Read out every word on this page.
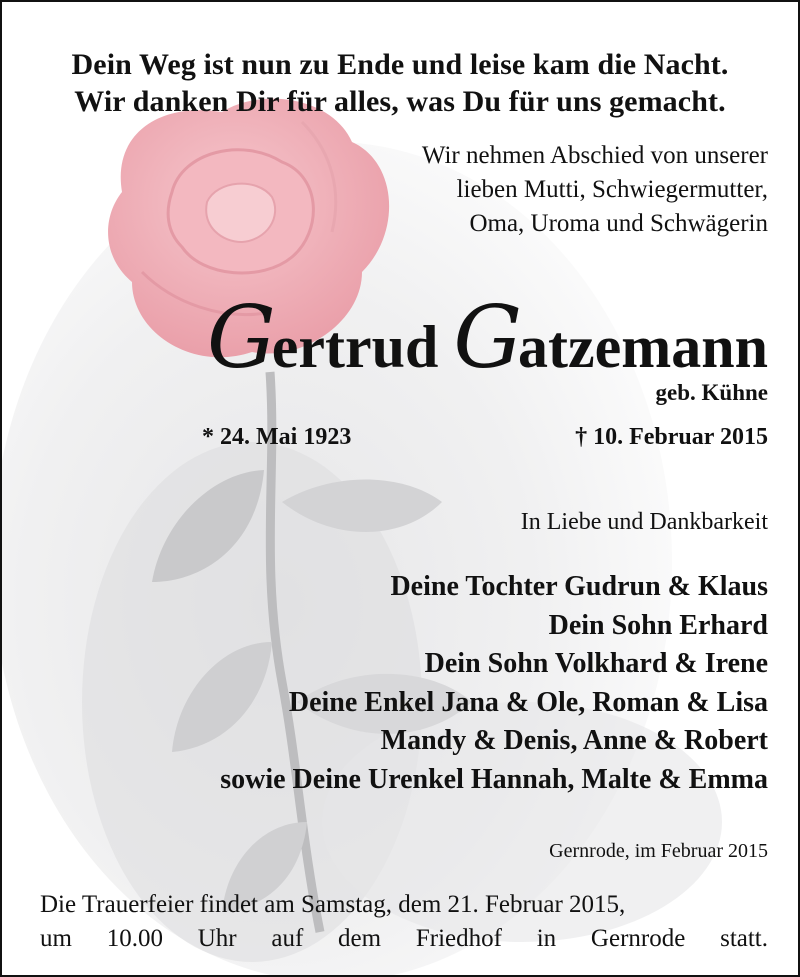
Dein Weg ist nun zu Ende und leise kam die Nacht.
Wir danken Dir für alles, was Du für uns gemacht.
Wir nehmen Abschied von unserer
lieben Mutti, Schwiegermutter,
Oma, Uroma und Schwägerin
Gertrud Gatzemann
geb. Kühne
* 24. Mai 1923	† 10. Februar 2015
In Liebe und Dankbarkeit
Deine Tochter Gudrun & Klaus
Dein Sohn Erhard
Dein Sohn Volkhard & Irene
Deine Enkel Jana & Ole, Roman & Lisa
Mandy & Denis, Anne & Robert
sowie Deine Urenkel Hannah, Malte & Emma
Gernrode, im Februar 2015
Die Trauerfeier findet am Samstag, dem 21. Februar 2015,
um 10.00 Uhr auf dem Friedhof in Gernrode statt.
